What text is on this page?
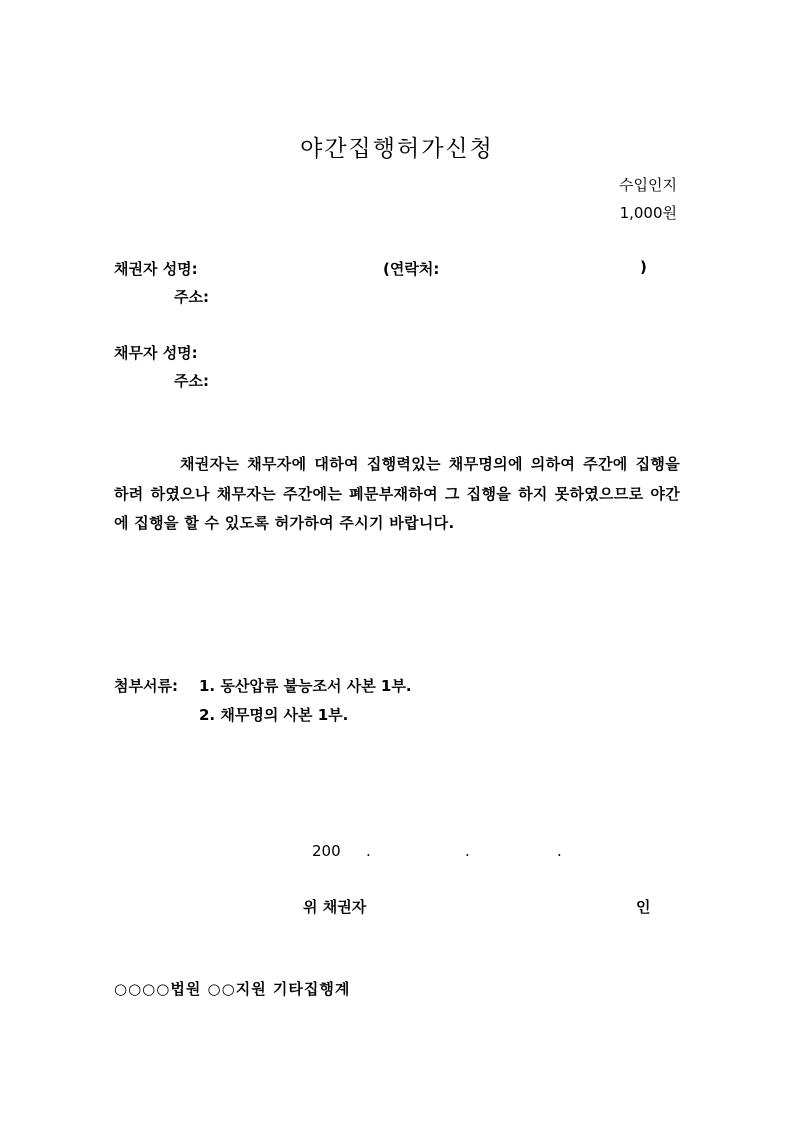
야간집행허가신청
수입인지
1,000원
채권자 성명:	(연락처:	)
주소:
채무자 성명:
주소:
채권자는 채무자에 대하여 집행력있는 채무명의에 의하여 주간에 집행을 하려 하였으나 채무자는 주간에는 폐문부재하여 그 집행을 하지 못하였으므로 야간에 집행을 할 수 있도록 허가하여 주시기 바랍니다.
첨부서류: 1. 동산압류 불능조서 사본 1부.
2. 채무명의 사본 1부.
200 .	.	.
위 채권자	인
○○○○법원 ○○지원 기타집행계
